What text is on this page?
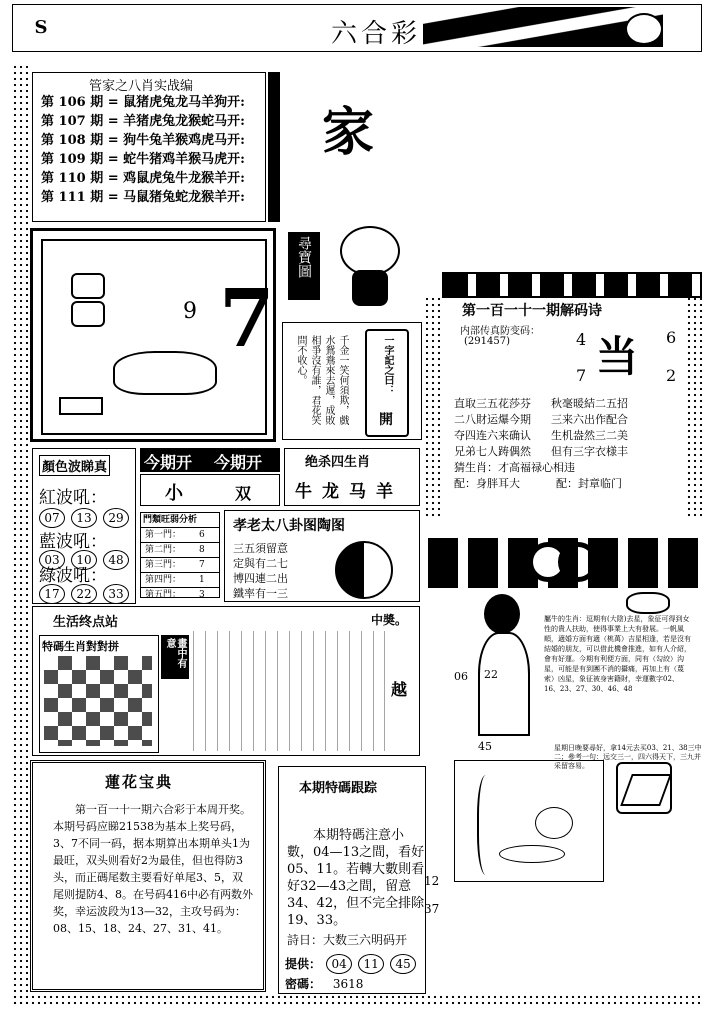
S	六合彩
管家之八肖实战编
第 106 期 = 鼠猪虎兔龙马羊狗开:
第 107 期 = 羊猪虎兔龙猴蛇马开:
第 108 期 = 狗牛兔羊猴鸡虎马开:
第 109 期 = 蛇牛猪鸡羊猴马虎开:
第 110 期 = 鸡鼠虎兔牛龙猴羊开:
第 111 期 = 马鼠猪兔蛇龙猴羊开:
家
9 7
尋寶圖
千金一笑何須欺，戲水鴛鴦來去遲，成敗相爭沒有誰，君花笑問不收心。	一字記之曰：
開
第一百一十一期解码诗
内部传真防变码：
(291457) 当
4	6
7	2
直取三五花莎芬 秋毫暖結二五招
二八財运爆今期 三来六出作配合
夺四连六来确认 生机盎然三二美
兄弟七人踌偶然 但有三字衣様丰
猜生肖：才高福禄心相违
配：身胖耳大	配：封章临门
顏色波睇真
紅波吼：
07 13 29
藍波吼：
03 10 48
綠波吼：
17 22 33
今期开 今期开
小	双
绝杀四生肖
牛龙马羊
門類旺弱分析
第一門： 6
第二門： 8
第三門： 7
第四門： 1
第五門： 3
孝老太八卦图陶图
三五須留意
定與有二七
博四連二出
鐵率有一三
生活终点站	中奬。
特碼生肖對對拼	畫中有意
越
06 22
45
屬牛的生肖：逗期有(大陰)去星，象征可得到女性的貴人扶助，使得事業上大有發展。一帆風順，適婚方面有適（桃萬）吉星相逢，若是沒有結婚的朋友，可以借此機會推進，如有人介紹，會有好運。今期有利便方面，同有（勾絞）沟星，可能是有到團不消的攝痛，再加上有（蔑索）凶星，象征被身害籍財，幸運數字02、16、23、27、30、46、48
星期日晚要尋好，拿14元去买03、21、38三中二；參考一句：远交三一，四六得天下，三九并采留容易。
蓮花宝典
第一百一十一期六合彩于本周开奖。本期号码应睇21538为基本上奖号码，3、7不同一码，据本期算出本期单头1为最旺，双头则看好2为最佳，但也得防3头，而正碼尾数主要看好单尾3、5，双尾则提防4、8。在号码416中必有两数外奖，幸运波段为13—32，主攻号码为：08、15、18、24、27、31、41。
本期特碼跟踪
本期特碼注意小數，04—13之間，看好05、11。若轉大數則看好32—43之間，留意34、42，但不完全排除19、33。
詩日：大数三六明码开
提供： 04 11 45
密碼： 3618
12
37
